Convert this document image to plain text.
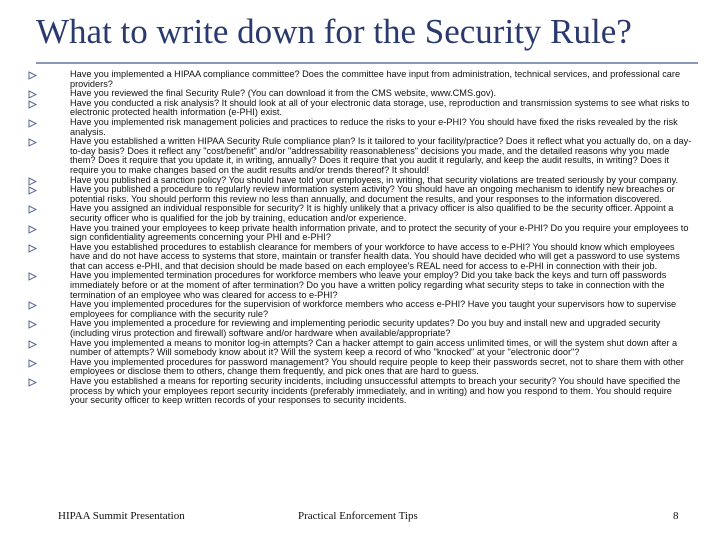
What to write down for the Security Rule?
Have you implemented a HIPAA compliance committee? Does the committee have input from administration, technical services, and professional care providers?
Have you reviewed the final Security Rule? (You can download it from the CMS website, www.CMS.gov).
Have you conducted a risk analysis? It should look at all of your electronic data storage, use, reproduction and transmission systems to see what risks to electronic protected health information (e-PHI) exist.
Have you implemented risk management policies and practices to reduce the risks to your e-PHI? You should have fixed the risks revealed by the risk analysis.
Have you established a written HIPAA Security Rule compliance plan? Is it tailored to your facility/practice? Does it reflect what you actually do, on a day-to-day basis? Does it reflect any "cost/benefit" and/or "addressability reasonableness" decisions you made, and the detailed reasons why you made them? Does it require that you update it, in writing, annually? Does it require that you audit it regularly, and keep the audit results, in writing? Does it require you to make changes based on the audit results and/or trends thereof? It should!
Have you published a sanction policy? You should have told your employees, in writing, that security violations are treated seriously by your company.
Have you published a procedure to regularly review information system activity? You should have an ongoing mechanism to identify new breaches or potential risks. You should perform this review no less than annually, and document the results, and your responses to the information discovered.
Have you assigned an individual responsible for security? It is highly unlikely that a privacy officer is also qualified to be the security officer. Appoint a security officer who is qualified for the job by training, education and/or experience.
Have you trained your employees to keep private health information private, and to protect the security of your e-PHI? Do you require your employees to sign confidentiality agreements concerning your PHI and e-PHI?
Have you established procedures to establish clearance for members of your workforce to have access to e-PHI? You should know which employees have and do not have access to systems that store, maintain or transfer health data. You should have decided who will get a password to use systems that can access e-PHI, and that decision should be made based on each employee's REAL need for access to e-PHI in connection with their job.
Have you implemented termination procedures for workforce members who leave your employ? Did you take back the keys and turn off passwords immediately before or at the moment of after termination? Do you have a written policy regarding what security steps to take in connection with the termination of an employee who was cleared for access to e-PHI?
Have you implemented procedures for the supervision of workforce members who access e-PHI? Have you taught your supervisors how to supervise employees for compliance with the security rule?
Have you implemented a procedure for reviewing and implementing periodic security updates? Do you buy and install new and upgraded security (including virus protection and firewall) software and/or hardware when available/appropriate?
Have you implemented a means to monitor log-in attempts? Can a hacker attempt to gain access unlimited times, or will the system shut down after a number of attempts? Will somebody know about it? Will the system keep a record of who "knocked" at your "electronic door"?
Have you implemented procedures for password management? You should require people to keep their passwords secret, not to share them with other employees or disclose them to others, change them frequently, and pick ones that are hard to guess.
Have you established a means for reporting security incidents, including unsuccessful attempts to breach your security? You should have specified the process by which your employees report security incidents (preferably immediately, and in writing) and how you respond to them. You should require your security officer to keep written records of your responses to security incidents.
HIPAA Summit Presentation	Practical Enforcement Tips	8
